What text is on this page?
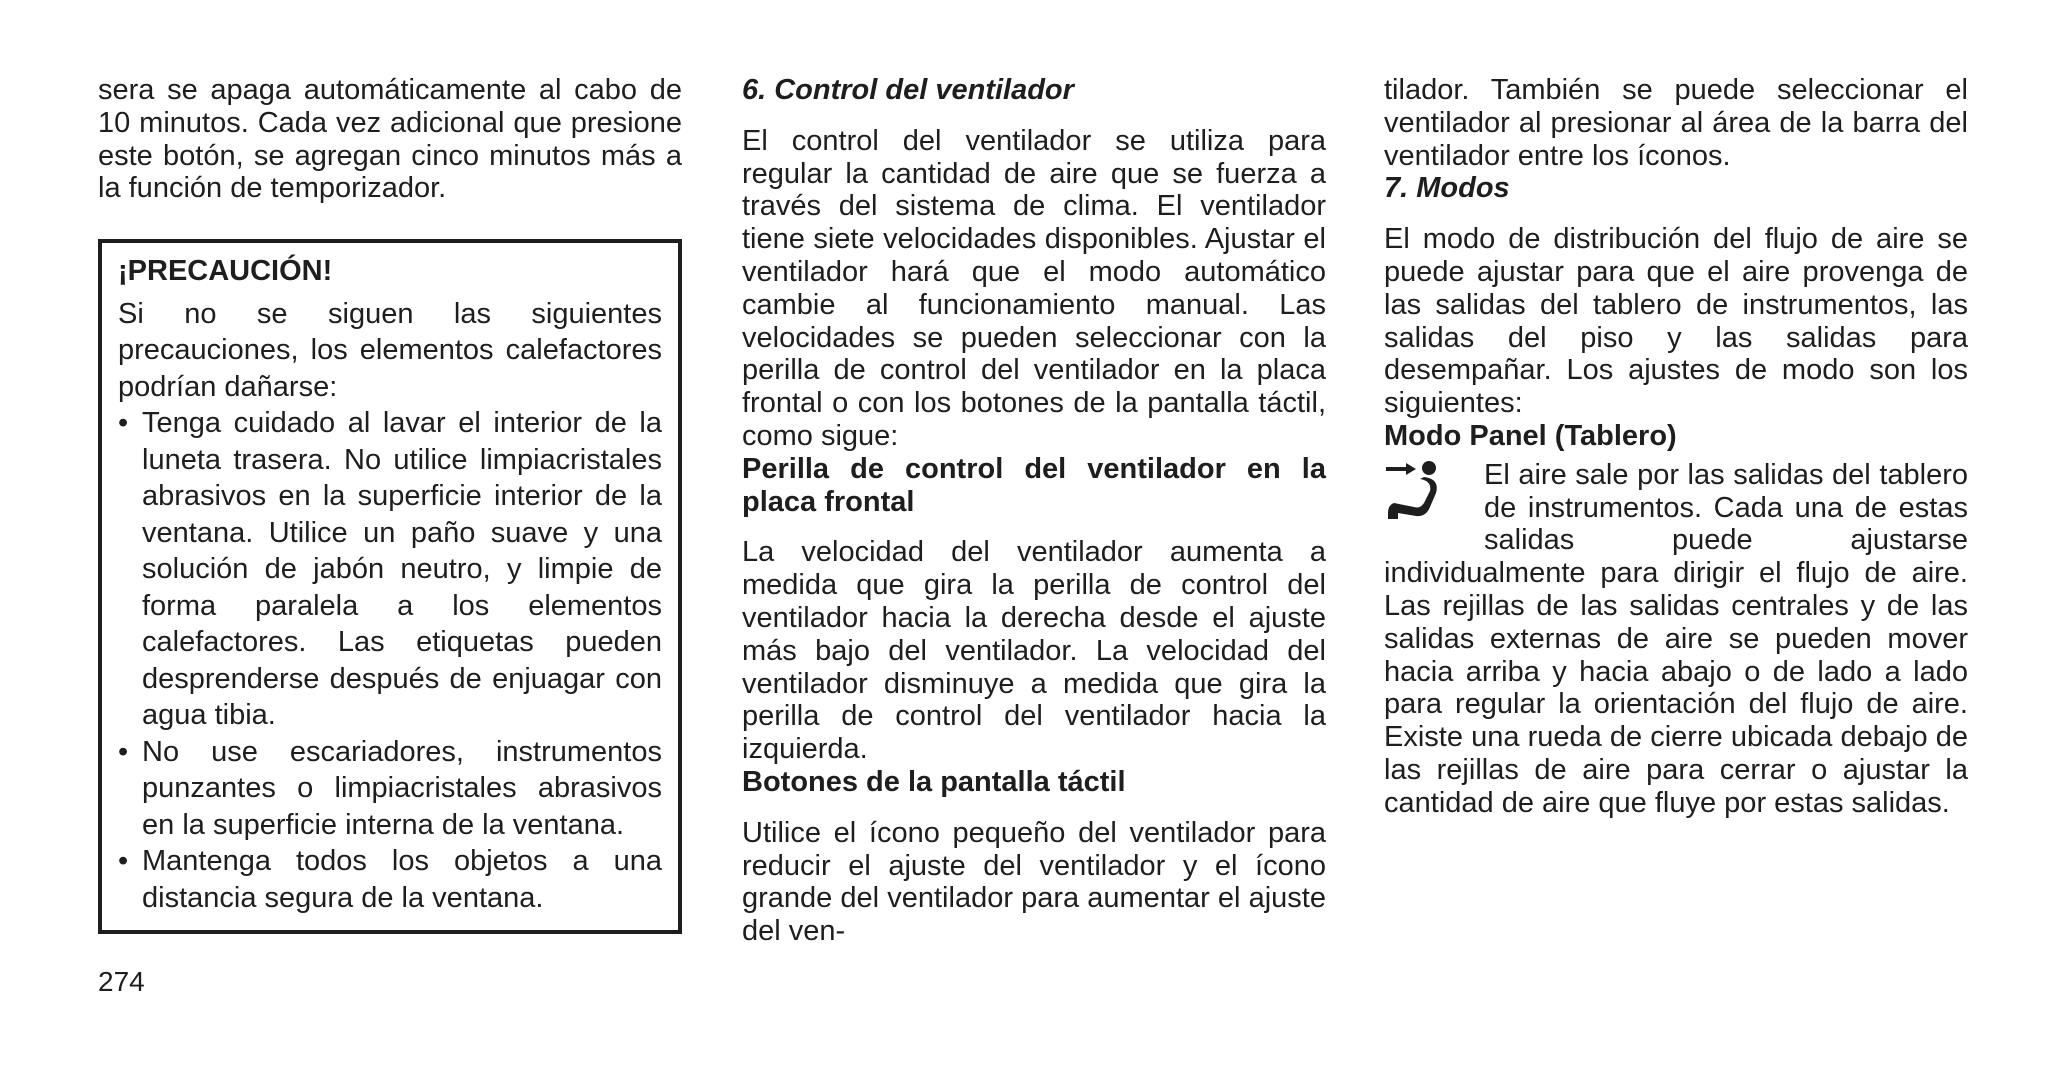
sera se apaga automáticamente al cabo de 10 minutos. Cada vez adicional que presione este botón, se agregan cinco minutos más a la función de temporizador.

¡PRECAUCIÓN!

Si no se siguen las siguientes precauciones, los elementos calefactores podrían dañarse:

• Tenga cuidado al lavar el interior de la luneta trasera. No utilice limpiacristales abrasivos en la superficie interior de la ventana. Utilice un paño suave y una solución de jabón neutro, y limpie de forma paralela a los elementos calefactores. Las etiquetas pueden desprenderse después de enjuagar con agua tibia.
• No use escariadores, instrumentos punzantes o limpiacristales abrasivos en la superficie interna de la ventana.
• Mantenga todos los objetos a una distancia segura de la ventana.

6. Control del ventilador

El control del ventilador se utiliza para regular la cantidad de aire que se fuerza a través del sistema de clima. El ventilador tiene siete velocidades disponibles. Ajustar el ventilador hará que el modo automático cambie al funcionamiento manual. Las velocidades se pueden seleccionar con la perilla de control del ventilador en la placa frontal o con los botones de la pantalla táctil, como sigue:

Perilla de control del ventilador en la placa frontal

La velocidad del ventilador aumenta a medida que gira la perilla de control del ventilador hacia la derecha desde el ajuste más bajo del ventilador. La velocidad del ventilador disminuye a medida que gira la perilla de control del ventilador hacia la izquierda.

Botones de la pantalla táctil

Utilice el ícono pequeño del ventilador para reducir el ajuste del ventilador y el ícono grande del ventilador para aumentar el ajuste del ven-

tilador. También se puede seleccionar el ventilador al presionar al área de la barra del ventilador entre los íconos.

7. Modos

El modo de distribución del flujo de aire se puede ajustar para que el aire provenga de las salidas del tablero de instrumentos, las salidas del piso y las salidas para desempañar. Los ajustes de modo son los siguientes:

Modo Panel (Tablero)

El aire sale por las salidas del tablero de instrumentos. Cada una de estas salidas puede ajustarse individualmente para dirigir el flujo de aire. Las rejillas de las salidas centrales y de las salidas externas de aire se pueden mover hacia arriba y hacia abajo o de lado a lado para regular la orientación del flujo de aire. Existe una rueda de cierre ubicada debajo de las rejillas de aire para cerrar o ajustar la cantidad de aire que fluye por estas salidas.

274
